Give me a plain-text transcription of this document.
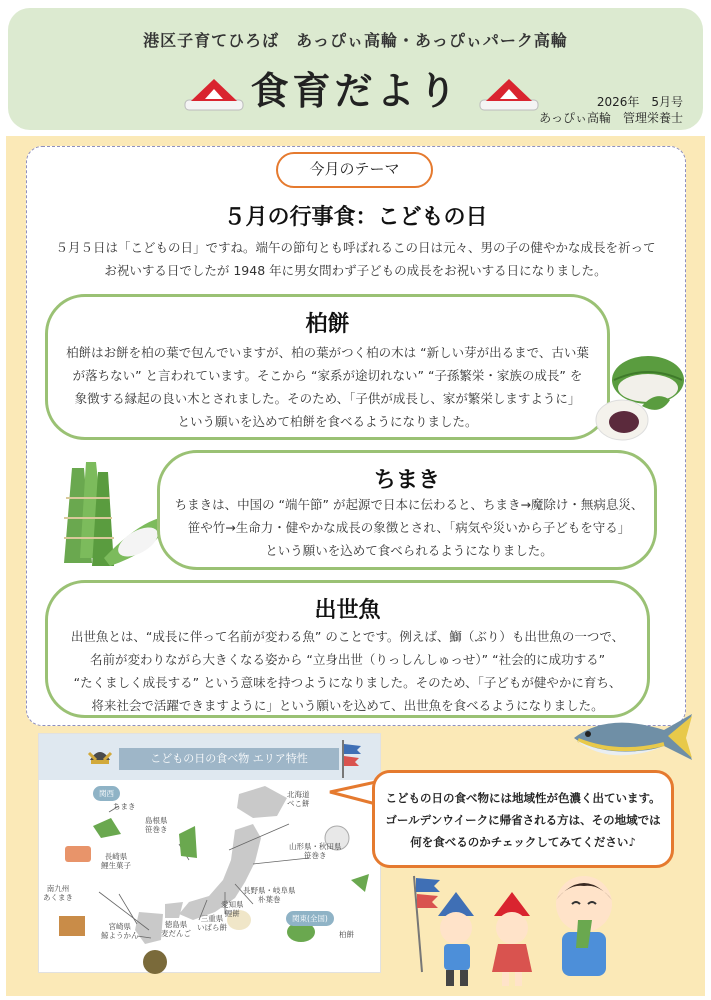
港区子育てひろば　あっぴぃ高輪・あっぴぃパーク高輪
食育だより	2026年　5月号
あっぴぃ高輪　管理栄養士
今月のテーマ
５月の行事食：こどもの日
５月５日は「こどもの日」ですね。端午の節句とも呼ばれるこの日は元々、男の子の健やかな成長を祈って
お祝いする日でしたが 1948 年に男女問わず子どもの成長をお祝いする日になりました。
柏餅
柏餅はお餅を柏の葉で包んでいますが、柏の葉がつく柏の木は “新しい芽が出るまで、古い葉
が落ちない” と言われています。そこから “家系が途切れない” “子孫繁栄・家族の成長” を
象徴する縁起の良い木とされました。そのため、「子供が成長し、家が繁栄しますように」
という願いを込めて柏餅を食べるようになりました。
ちまき
ちまきは、中国の “端午節” が起源で日本に伝わると、ちまき→魔除け・無病息災、
笹や竹→生命力・健やかな成長の象徴とされ、「病気や災いから子どもを守る」
という願いを込めて食べられるようになりました。
出世魚
出世魚とは、“成長に伴って名前が変わる魚” のことです。例えば、鰤（ぶり）も出世魚の一つで、
名前が変わりながら大きくなる姿から “立身出世（りっしんしゅっせ）” “社会的に成功する”
“たくましく成長する” という意味を持つようになりました。そのため、「子どもが健やかに育ち、
将来社会で活躍できますように」という願いを込めて、出世魚を食べるようになりました。
こどもの日の食べ物 エリア特性
関西
関東(全国)
ちまき
北海道
べこ餅
島根県
笹巻き
長崎県
鯉生菓子
山形県・秋田県
笹巻き
南九州
あくまき
長野県・岐阜県
朴葉巻
愛知県
鯉餅
三重県
いばら餅
徳島県
麦だんご
宮崎県
鯨ようかん	柏餅
こどもの日の食べ物には地域性が色濃く出ています。
ゴールデンウイークに帰省される方は、その地域では
何を食べるのかチェックしてみてください♪
